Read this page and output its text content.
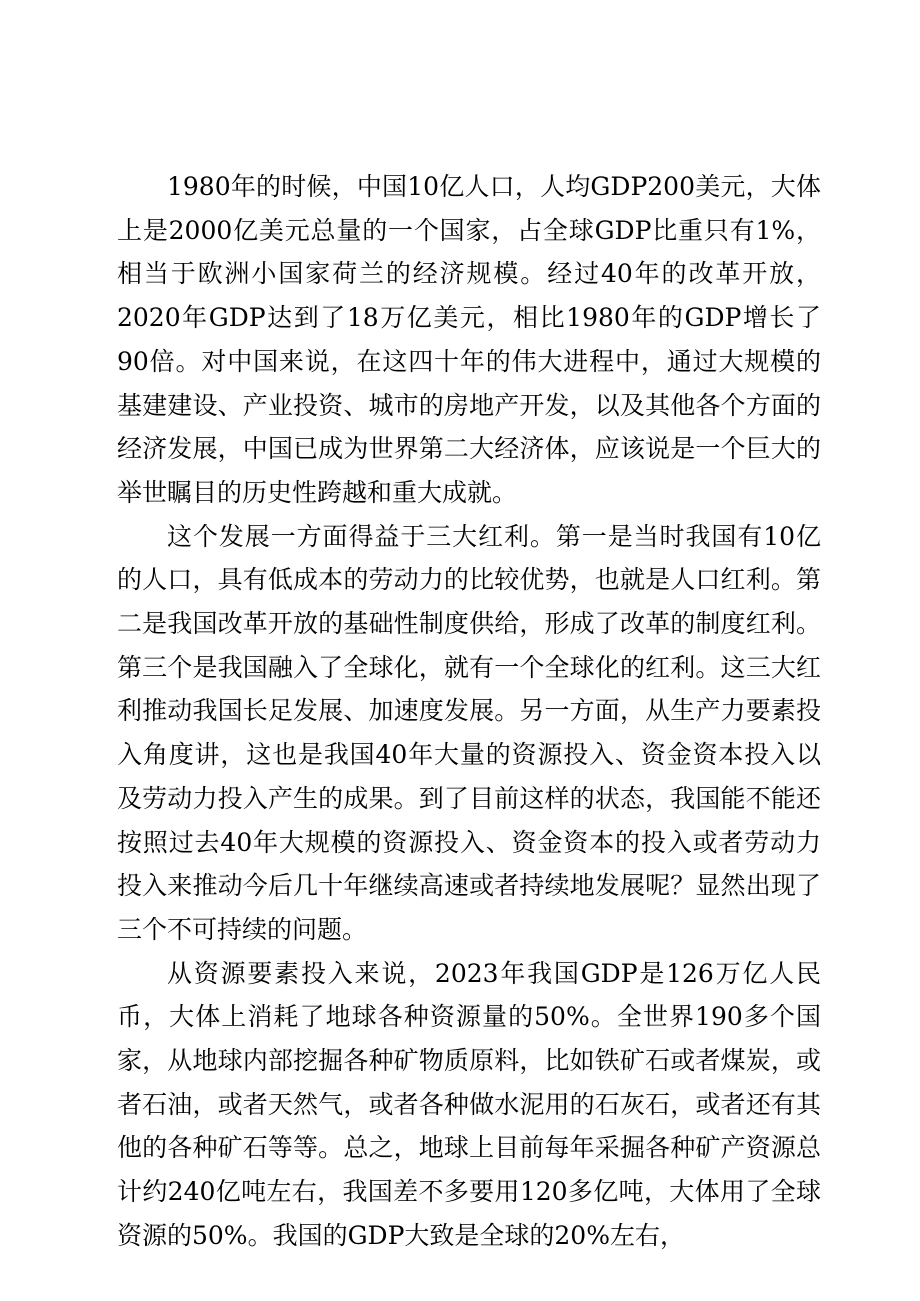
1980年的时候，中国10亿人口，人均GDP200美元，大体上是2000亿美元总量的一个国家，占全球GDP比重只有1%，相当于欧洲小国家荷兰的经济规模。经过40年的改革开放，2020年GDP达到了18万亿美元，相比1980年的GDP增长了90倍。对中国来说，在这四十年的伟大进程中，通过大规模的基建建设、产业投资、城市的房地产开发，以及其他各个方面的经济发展，中国已成为世界第二大经济体，应该说是一个巨大的举世瞩目的历史性跨越和重大成就。

这个发展一方面得益于三大红利。第一是当时我国有10亿的人口，具有低成本的劳动力的比较优势，也就是人口红利。第二是我国改革开放的基础性制度供给，形成了改革的制度红利。第三个是我国融入了全球化，就有一个全球化的红利。这三大红利推动我国长足发展、加速度发展。另一方面，从生产力要素投入角度讲，这也是我国40年大量的资源投入、资金资本投入以及劳动力投入产生的成果。到了目前这样的状态，我国能不能还按照过去40年大规模的资源投入、资金资本的投入或者劳动力投入来推动今后几十年继续高速或者持续地发展呢？显然出现了三个不可持续的问题。

从资源要素投入来说，2023年我国GDP是126万亿人民币，大体上消耗了地球各种资源量的50%。全世界190多个国家，从地球内部挖掘各种矿物质原料，比如铁矿石或者煤炭，或者石油，或者天然气，或者各种做水泥用的石灰石，或者还有其他的各种矿石等等。总之，地球上目前每年采掘各种矿产资源总计约240亿吨左右，我国差不多要用120多亿吨，大体用了全球资源的50%。我国的GDP大致是全球的20%左右，
